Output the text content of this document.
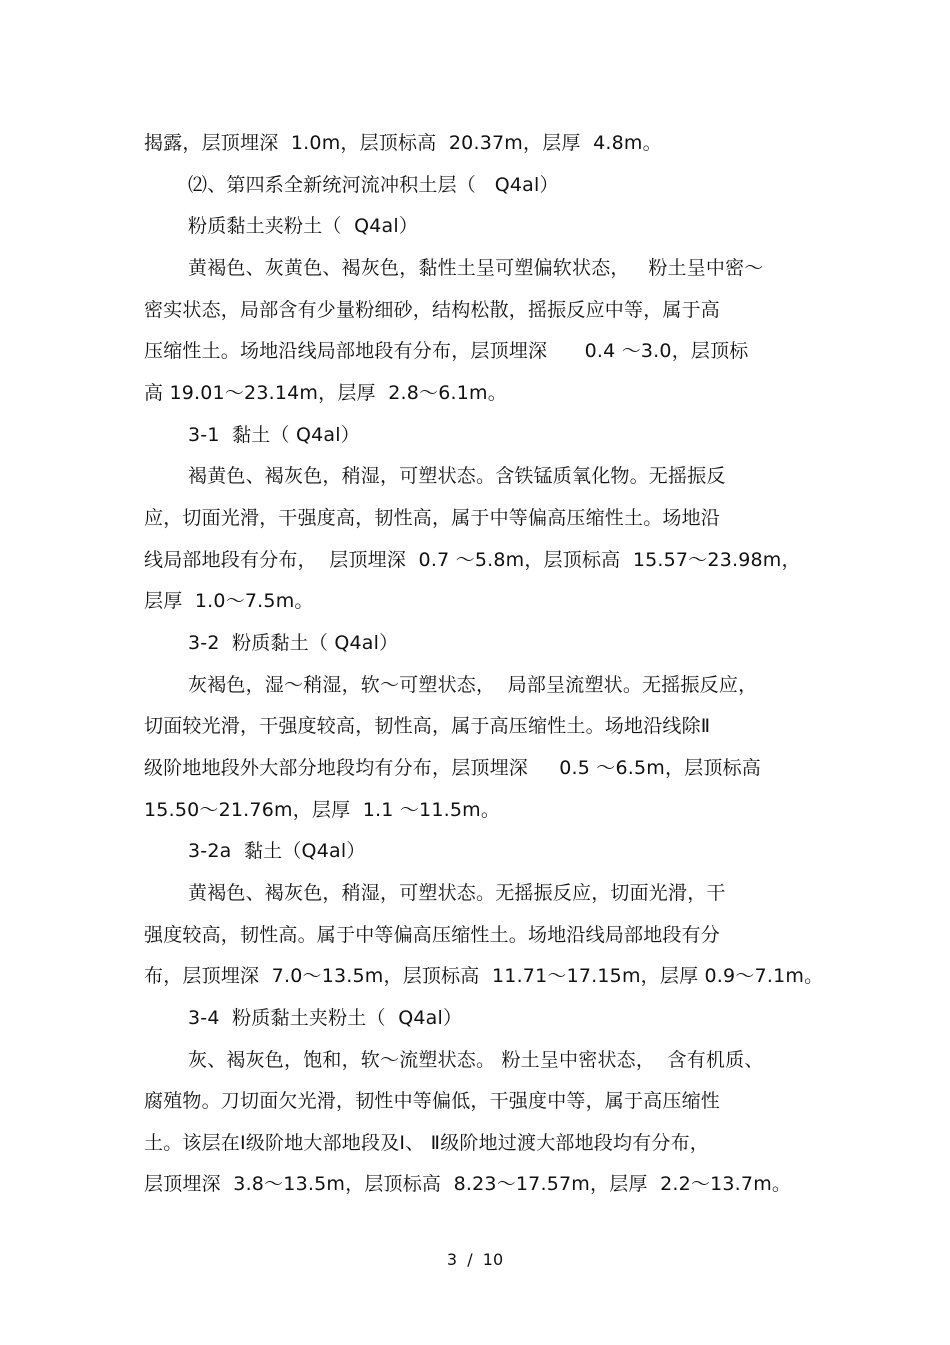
揭露，层顶埋深  1.0m，层顶标高  20.37m，层厚  4.8m。
⑵、第四系全新统河流冲积土层（   Q4al）
粉质黏土夹粉土（  Q4al）
黄褐色、灰黄色、褐灰色，黏性土呈可塑偏软状态，   粉土呈中密～
密实状态，局部含有少量粉细砂，结构松散，摇振反应中等，属于高
压缩性土。场地沿线局部地段有分布，层顶埋深      0.4 ～3.0，层顶标
高 19.01～23.14m，层厚  2.8～6.1m。
3-1  黏土（ Q4al）
褐黄色、褐灰色，稍湿，可塑状态。含铁锰质氧化物。无摇振反
应，切面光滑，干强度高，韧性高，属于中等偏高压缩性土。场地沿
线局部地段有分布，  层顶埋深  0.7 ～5.8m，层顶标高  15.57～23.98m，
层厚  1.0～7.5m。
3-2  粉质黏土（ Q4al）
灰褐色，湿～稍湿，软～可塑状态，  局部呈流塑状。无摇振反应，
切面较光滑，干强度较高，韧性高，属于高压缩性土。场地沿线除Ⅱ
级阶地地段外大部分地段均有分布，层顶埋深     0.5 ～6.5m，层顶标高
15.50～21.76m，层厚  1.1 ～11.5m。
3-2a  黏土（Q4al）
黄褐色、褐灰色，稍湿，可塑状态。无摇振反应，切面光滑，干
强度较高，韧性高。属于中等偏高压缩性土。场地沿线局部地段有分
布，层顶埋深  7.0～13.5m，层顶标高  11.71～17.15m，层厚 0.9～7.1m。
3-4  粉质黏土夹粉土（  Q4al）
灰、褐灰色，饱和，软～流塑状态。 粉土呈中密状态，  含有机质、
腐殖物。刀切面欠光滑，韧性中等偏低，干强度中等，属于高压缩性
土。该层在Ⅰ级阶地大部地段及Ⅰ、 Ⅱ级阶地过渡大部地段均有分布，
层顶埋深  3.8～13.5m，层顶标高  8.23～17.57m，层厚  2.2～13.7m。
3  /  10
